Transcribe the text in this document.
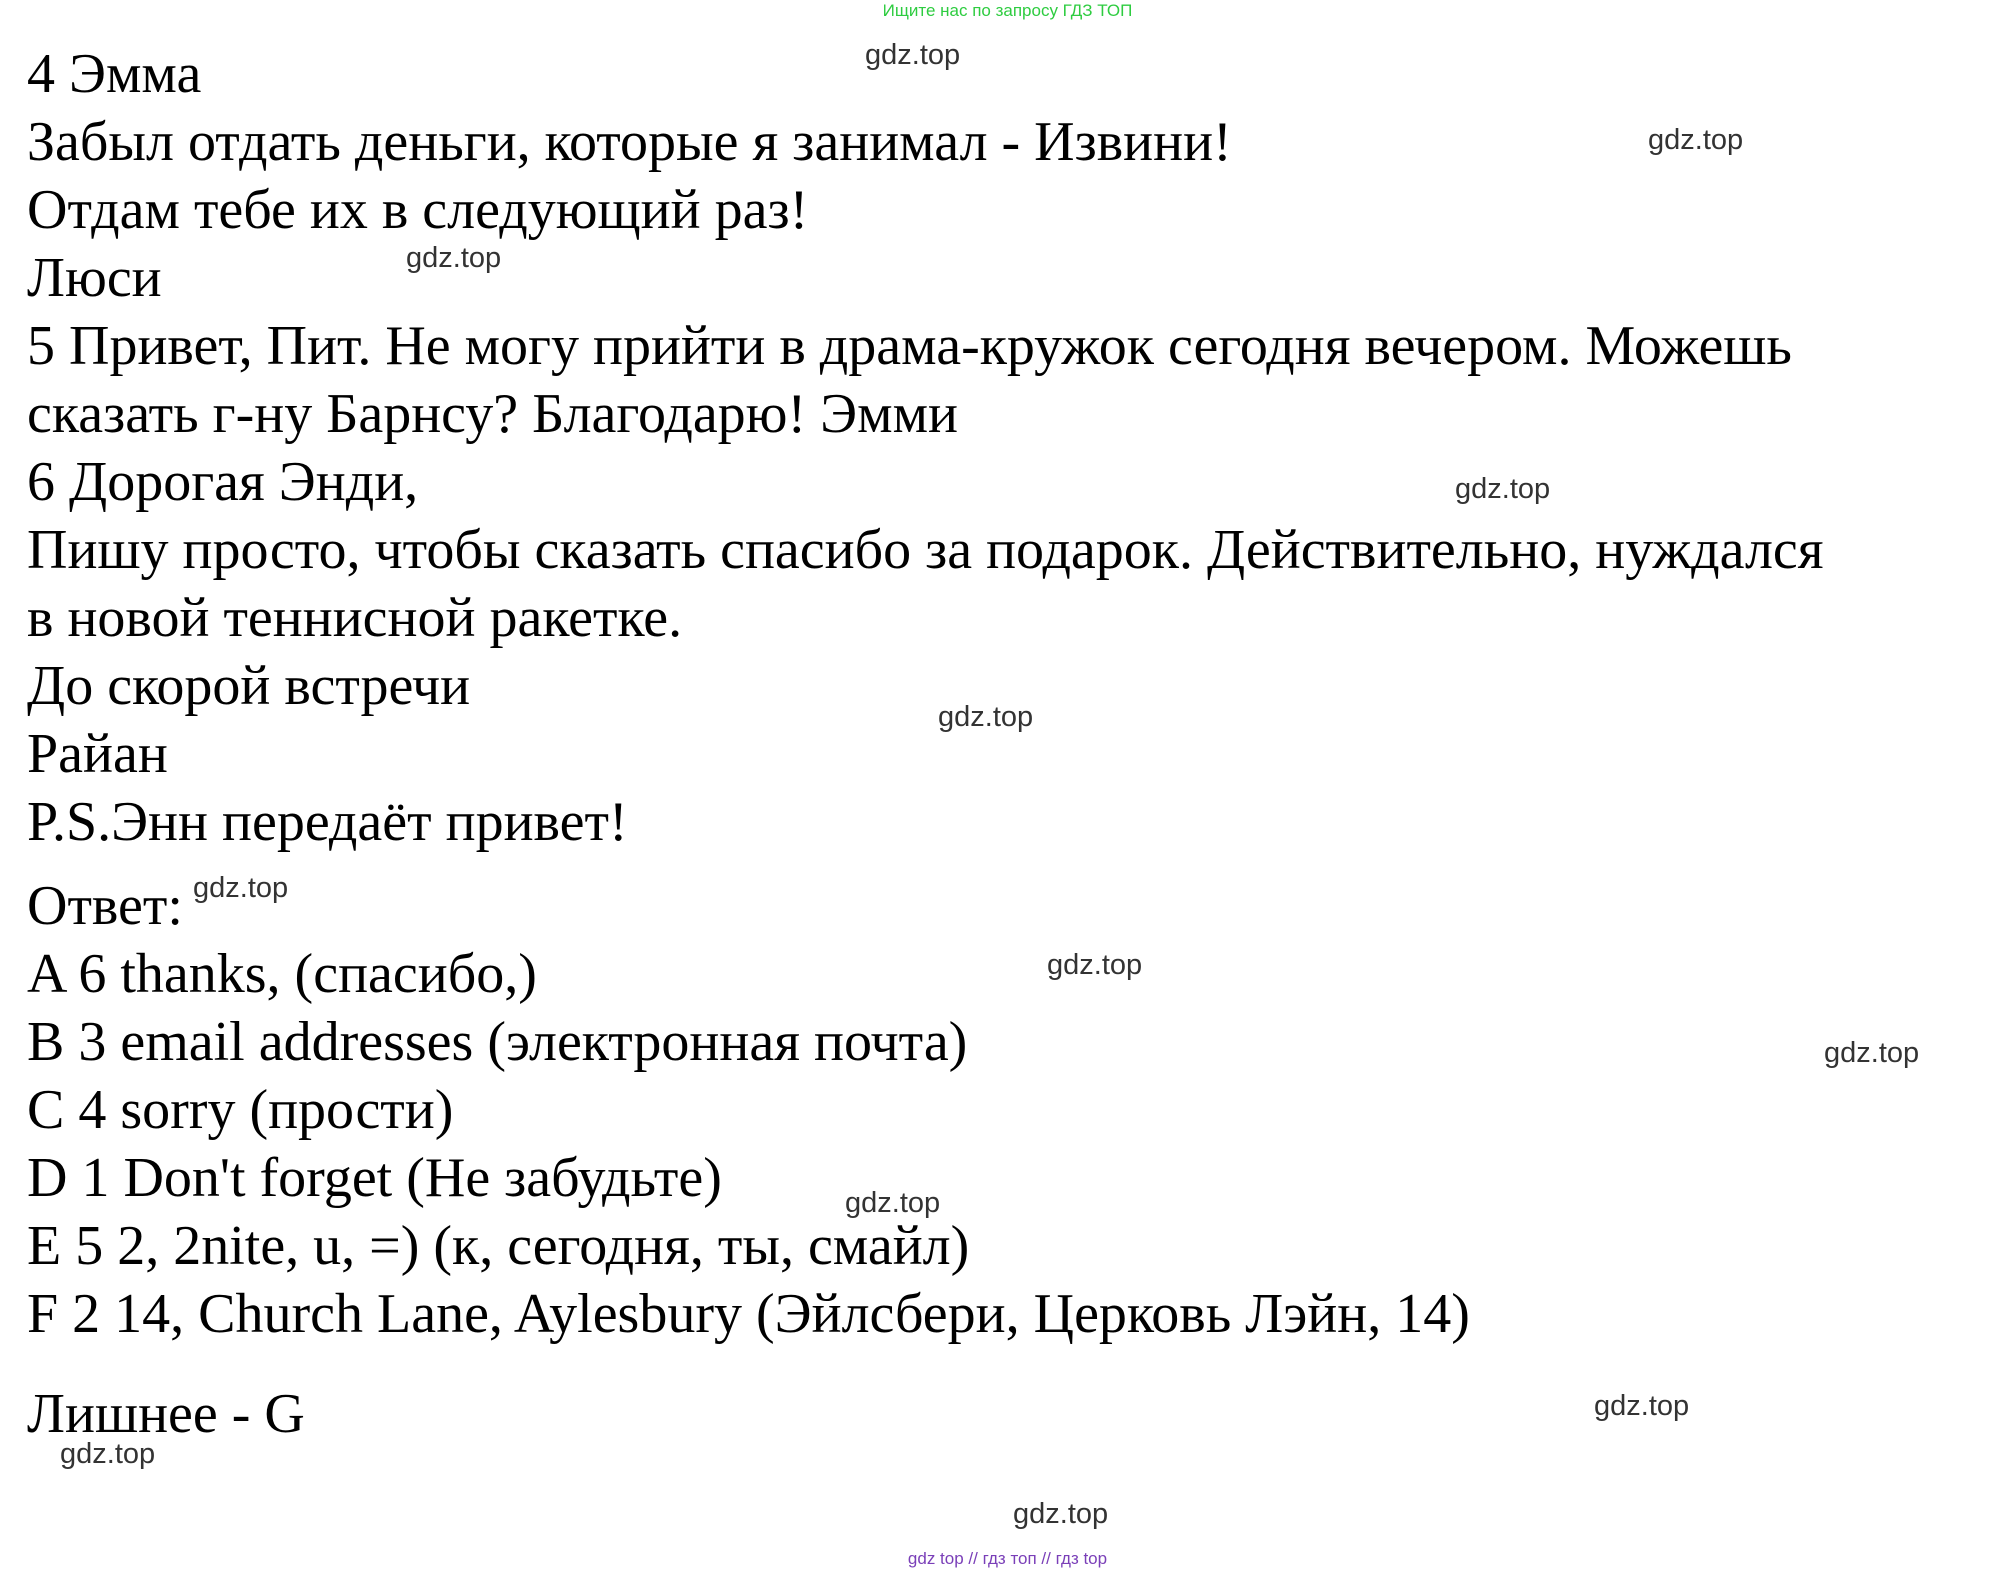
Ищите нас по запросу ГДЗ ТОП

4 Эмма

Забыл отдать деньги, которые я занимал - Извини!

Отдам тебе их в следующий раз!

Люси

5 Привет, Пит. Не могу прийти в драма-кружок сегодня вечером. Можешь

сказать г-ну Барнсу? Благодарю! Эмми

6 Дорогая Энди,

Пишу просто, чтобы сказать спасибо за подарок. Действительно, нуждался

в новой теннисной ракетке.

До скорой встречи

Райан

P.S.Энн передаёт привет!

Ответ:

A 6 thanks, (спасибо,)

B 3 email addresses (электронная почта)

C 4 sorry (прости)

D 1 Don't forget (Не забудьте)

E 5 2, 2nite, u, =) (к, сегодня, ты, смайл)

F 2 14, Church Lane, Aylesbury (Эйлсбери, Церковь Лэйн, 14)

Лишнее - G

gdz.top
gdz.top
gdz.top
gdz.top
gdz.top
gdz.top
gdz.top
gdz.top
gdz.top
gdz.top
gdz.top
gdz.top
gdz top // гдз топ // гдз top
